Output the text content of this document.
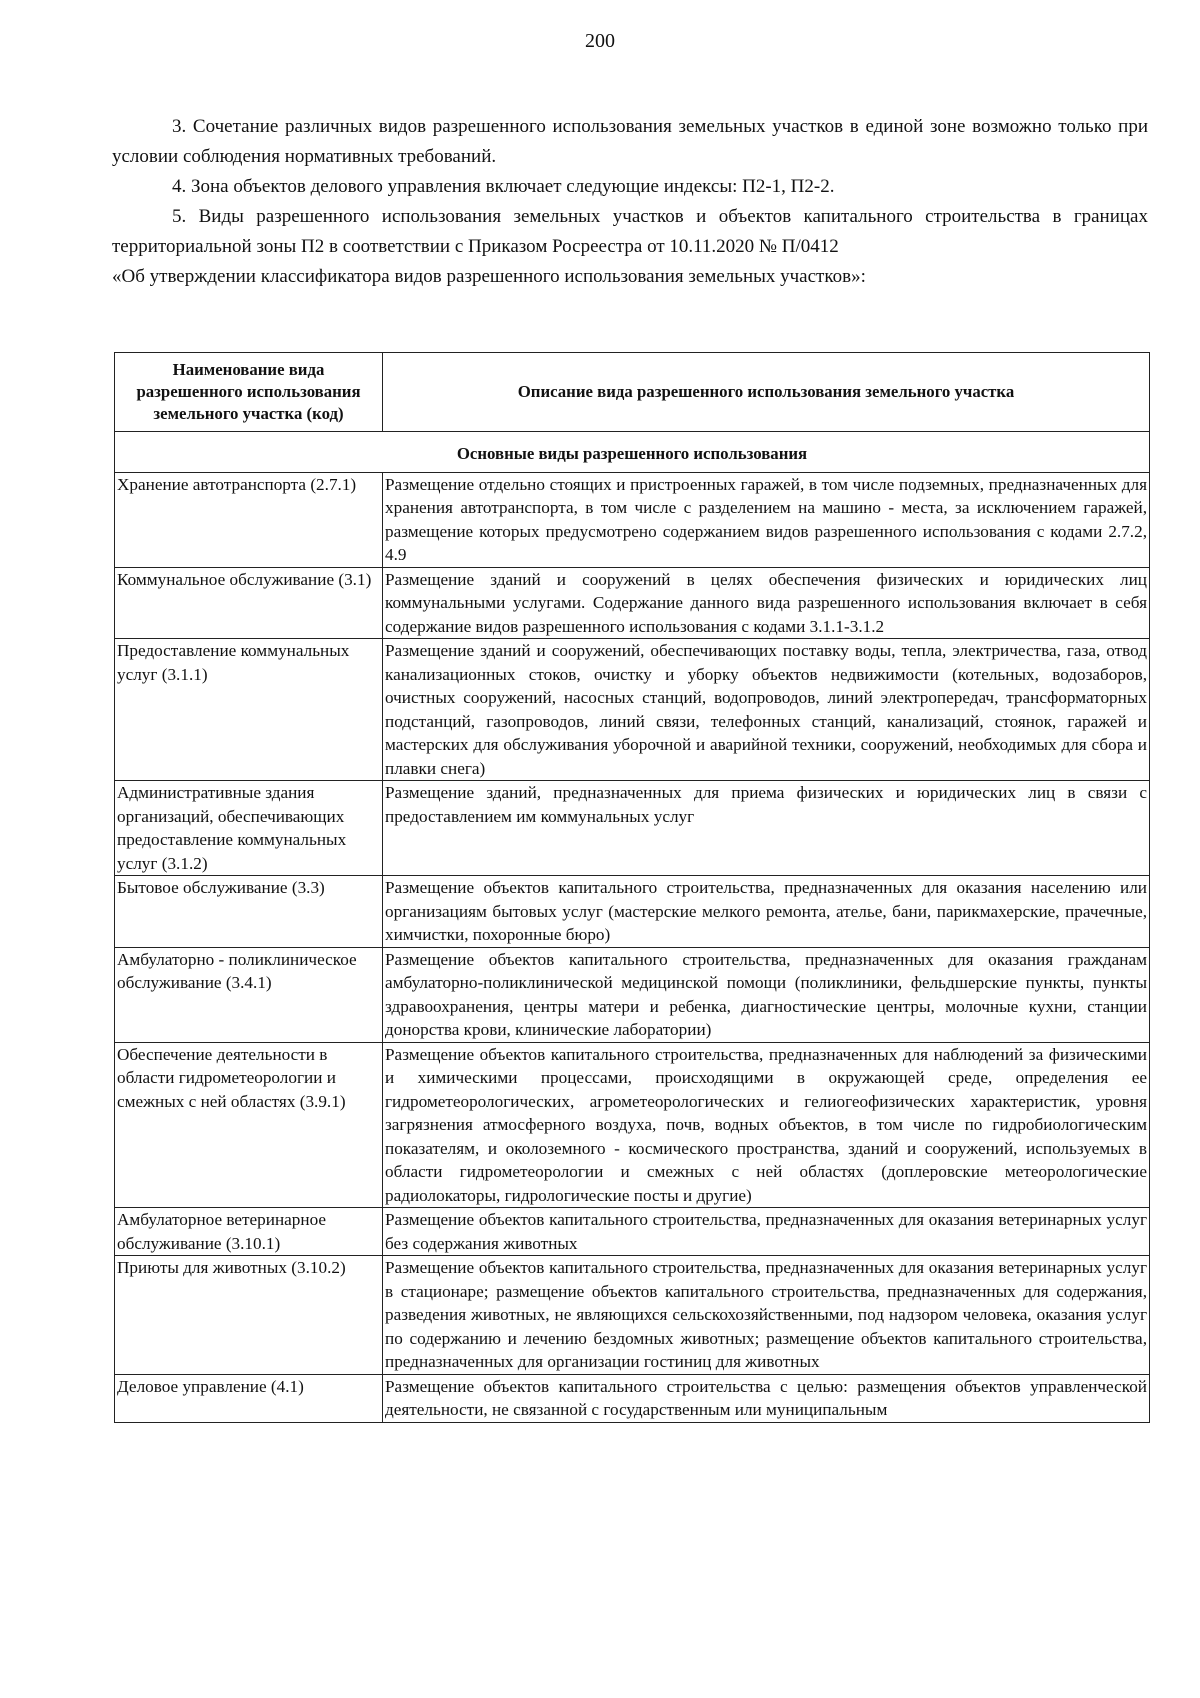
200

3. Сочетание различных видов разрешенного использования земельных участков в единой зоне возможно только при условии соблюдения нормативных требований.

4. Зона объектов делового управления включает следующие индексы: П2-1, П2-2.

5. Виды разрешенного использования земельных участков и объектов капитального строительства в границах территориальной зоны П2 в соответствии с Приказом Росреестра от 10.11.2020 № П/0412

«Об утверждении классификатора видов разрешенного использования земельных участков»:

Наименование вида разрешенного использования земельного участка (код)	Описание вида разрешенного использования земельного участка
Основные виды разрешенного использования	
Хранение автотранспорта (2.7.1)	Размещение отдельно стоящих и пристроенных гаражей, в том числе подземных, предназначенных для хранения автотранспорта, в том числе с разделением на машино - места, за исключением гаражей, размещение которых предусмотрено содержанием видов разрешенного использования с кодами 2.7.2, 4.9
Коммунальное обслуживание (3.1)	Размещение зданий и сооружений в целях обеспечения физических и юридических лиц коммунальными услугами. Содержание данного вида разрешенного использования включает в себя содержание видов разрешенного использования с кодами 3.1.1-3.1.2
Предоставление коммунальных услуг (3.1.1)	Размещение зданий и сооружений, обеспечивающих поставку воды, тепла, электричества, газа, отвод канализационных стоков, очистку и уборку объектов недвижимости (котельных, водозаборов, очистных сооружений, насосных станций, водопроводов, линий электропередач, трансформаторных подстанций, газопроводов, линий связи, телефонных станций, канализаций, стоянок, гаражей и мастерских для обслуживания уборочной и аварийной техники, сооружений, необходимых для сбора и плавки снега)
Административные здания организаций, обеспечивающих предоставление коммунальных услуг (3.1.2)	Размещение зданий, предназначенных для приема физических и юридических лиц в связи с предоставлением им коммунальных услуг
Бытовое обслуживание (3.3)	Размещение объектов капитального строительства, предназначенных для оказания населению или организациям бытовых услуг (мастерские мелкого ремонта, ателье, бани, парикмахерские, прачечные, химчистки, похоронные бюро)
Амбулаторно - поликлиническое обслуживание (3.4.1)	Размещение объектов капитального строительства, предназначенных для оказания гражданам амбулаторно-поликлинической медицинской помощи (поликлиники, фельдшерские пункты, пункты здравоохранения, центры матери и ребенка, диагностические центры, молочные кухни, станции донорства крови, клинические лаборатории)
Обеспечение деятельности в области гидрометеорологии и смежных с ней областях (3.9.1)	Размещение объектов капитального строительства, предназначенных для наблюдений за физическими и химическими процессами, происходящими в окружающей среде, определения ее гидрометеорологических, агрометеорологических и гелиогеофизических характеристик, уровня загрязнения атмосферного воздуха, почв, водных объектов, в том числе по гидробиологическим показателям, и околоземного - космического пространства, зданий и сооружений, используемых в области гидрометеорологии и смежных с ней областях (доплеровские метеорологические радиолокаторы, гидрологические посты и другие)
Амбулаторное ветеринарное обслуживание (3.10.1)	Размещение объектов капитального строительства, предназначенных для оказания ветеринарных услуг без содержания животных
Приюты для животных (3.10.2)	Размещение объектов капитального строительства, предназначенных для оказания ветеринарных услуг в стационаре; размещение объектов капитального строительства, предназначенных для содержания, разведения животных, не являющихся сельскохозяйственными, под надзором человека, оказания услуг по содержанию и лечению бездомных животных; размещение объектов капитального строительства, предназначенных для организации гостиниц для животных
Деловое управление (4.1)	Размещение объектов капитального строительства с целью: размещения объектов управленческой деятельности, не связанной с государственным или муниципальным
